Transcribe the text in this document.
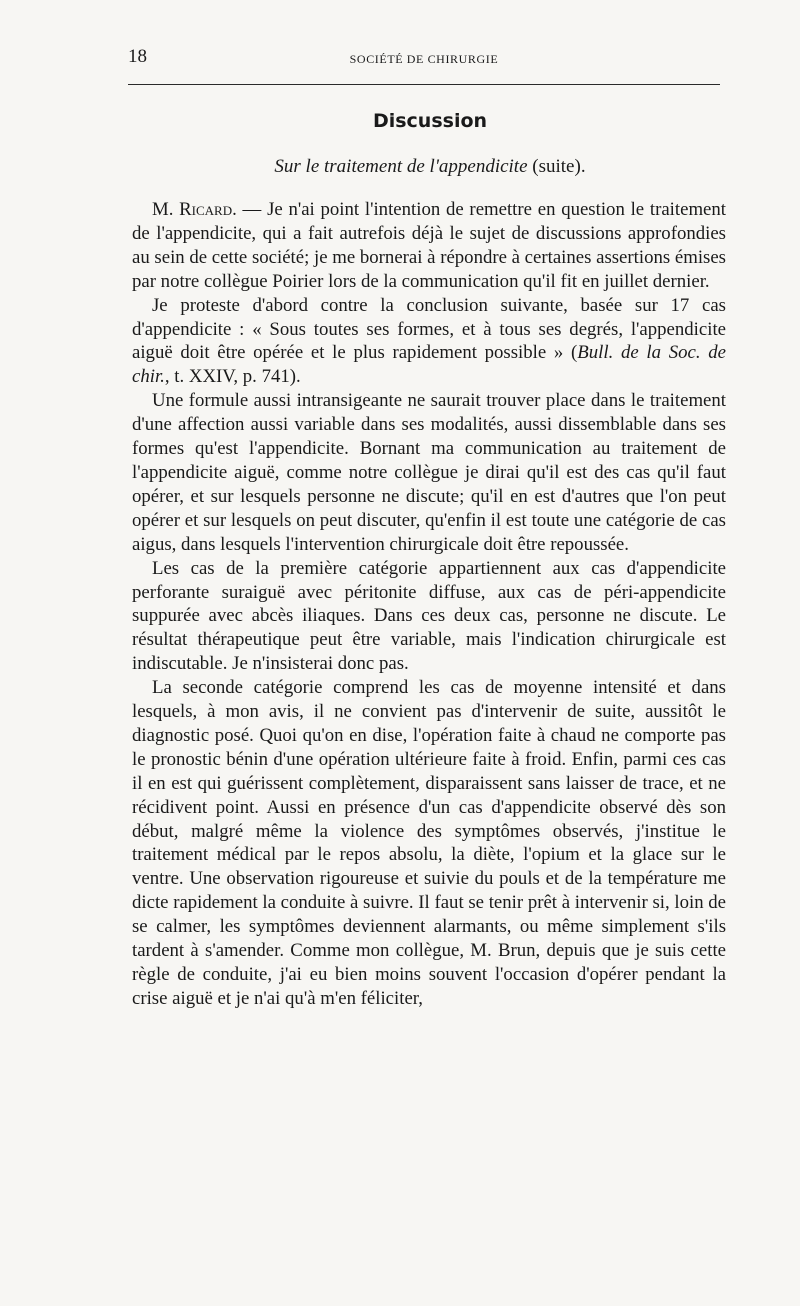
18	SOCIÉTÉ DE CHIRURGIE
Discussion
Sur le traitement de l'appendicite (suite).

M. Ricard. — Je n'ai point l'intention de remettre en question le traitement de l'appendicite, qui a fait autrefois déjà le sujet de discussions approfondies au sein de cette société; je me bornerai à répondre à certaines assertions émises par notre collègue Poirier lors de la communication qu'il fit en juillet dernier.

Je proteste d'abord contre la conclusion suivante, basée sur 17 cas d'appendicite : « Sous toutes ses formes, et à tous ses degrés, l'appendicite aiguë doit être opérée et le plus rapidement possible » (Bull. de la Soc. de chir., t. XXIV, p. 741).

Une formule aussi intransigeante ne saurait trouver place dans le traitement d'une affection aussi variable dans ses modalités, aussi dissemblable dans ses formes qu'est l'appendicite. Bornant ma communication au traitement de l'appendicite aiguë, comme notre collègue je dirai qu'il est des cas qu'il faut opérer, et sur lesquels personne ne discute; qu'il en est d'autres que l'on peut opérer et sur lesquels on peut discuter, qu'enfin il est toute une catégorie de cas aigus, dans lesquels l'intervention chirurgicale doit être repoussée.

Les cas de la première catégorie appartiennent aux cas d'appendicite perforante suraiguë avec péritonite diffuse, aux cas de péri-appendicite suppurée avec abcès iliaques. Dans ces deux cas, personne ne discute. Le résultat thérapeutique peut être variable, mais l'indication chirurgicale est indiscutable. Je n'insisterai donc pas.

La seconde catégorie comprend les cas de moyenne intensité et dans lesquels, à mon avis, il ne convient pas d'intervenir de suite, aussitôt le diagnostic posé. Quoi qu'on en dise, l'opération faite à chaud ne comporte pas le pronostic bénin d'une opération ultérieure faite à froid. Enfin, parmi ces cas il en est qui guérissent complètement, disparaissent sans laisser de trace, et ne récidivent point. Aussi en présence d'un cas d'appendicite observé dès son début, malgré même la violence des symptômes observés, j'institue le traitement médical par le repos absolu, la diète, l'opium et la glace sur le ventre. Une observation rigoureuse et suivie du pouls et de la température me dicte rapidement la conduite à suivre. Il faut se tenir prêt à intervenir si, loin de se calmer, les symptômes deviennent alarmants, ou même simplement s'ils tardent à s'amender. Comme mon collègue, M. Brun, depuis que je suis cette règle de conduite, j'ai eu bien moins souvent l'occasion d'opérer pendant la crise aiguë et je n'ai qu'à m'en féliciter,
